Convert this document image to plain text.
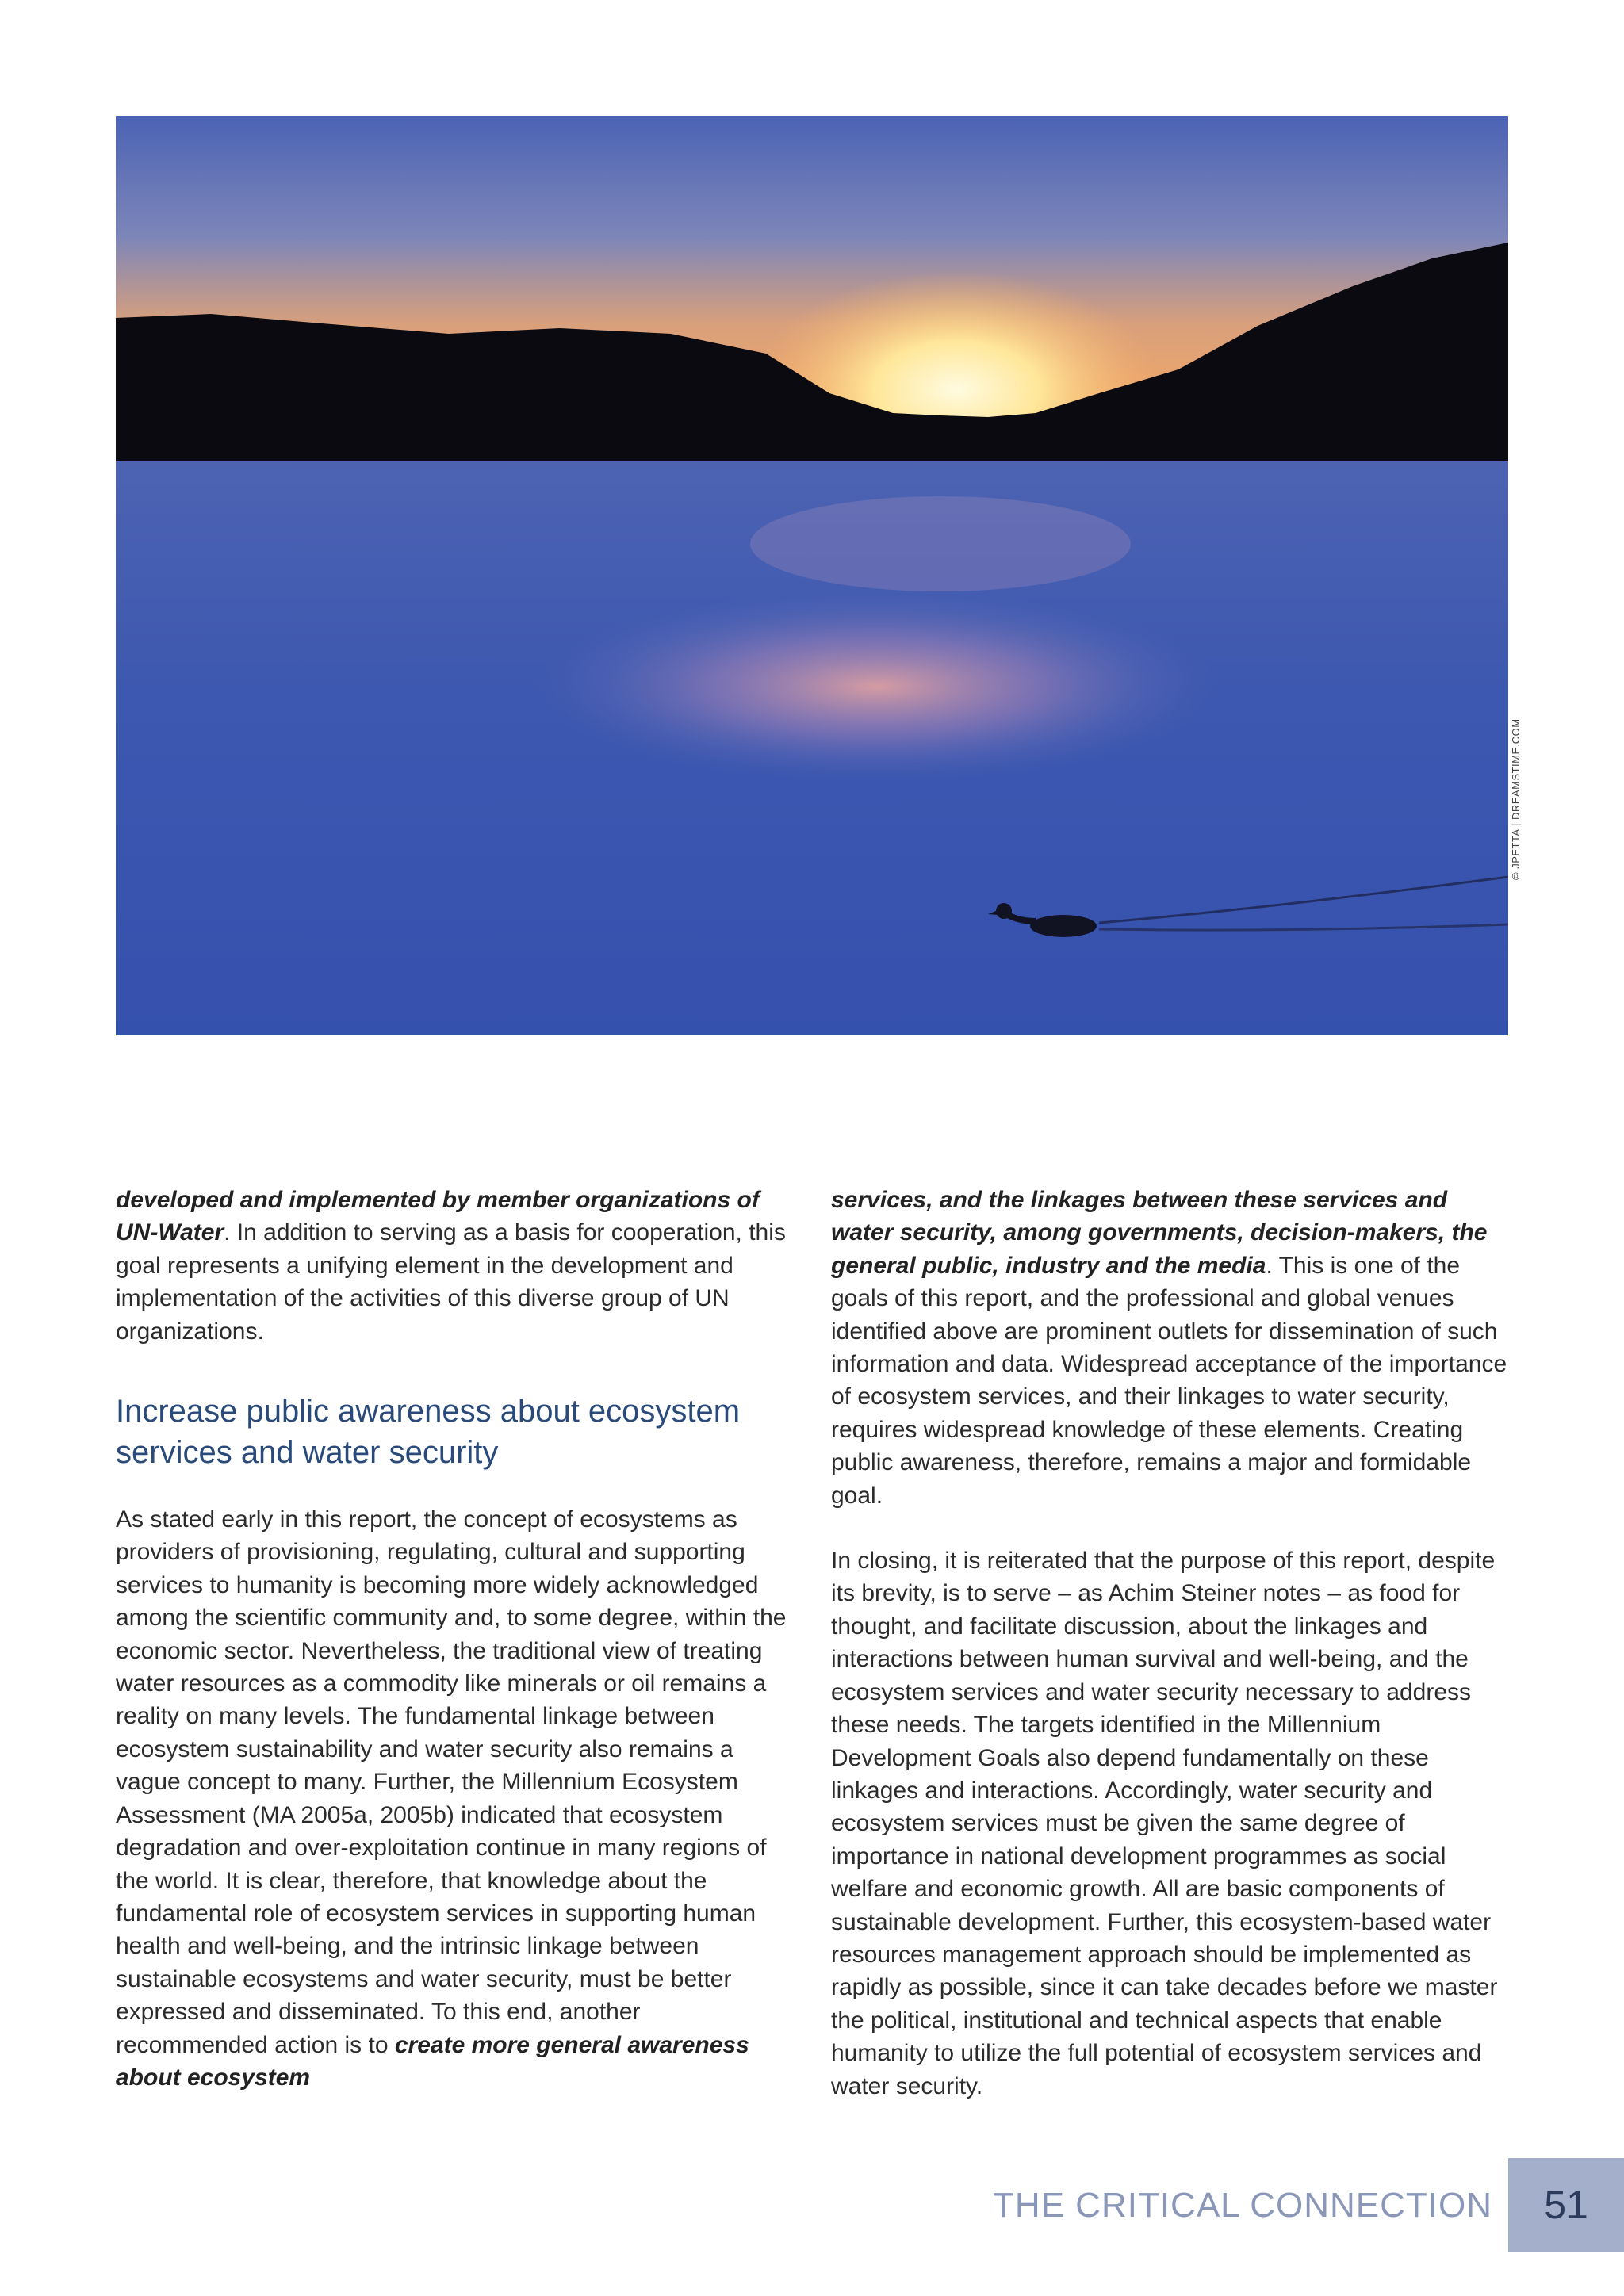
© JPETTA | DREAMSTIME.COM

developed and implemented by member organizations of UN-Water. In addition to serving as a basis for cooperation, this goal represents a unifying element in the development and implementation of the activities of this diverse group of UN organizations.

Increase public awareness about ecosystem services and water security

As stated early in this report, the concept of ecosystems as providers of provisioning, regulating, cultural and supporting services to humanity is becoming more widely acknowledged among the scientific community and, to some degree, within the economic sector. Nevertheless, the traditional view of treating water resources as a commodity like minerals or oil remains a reality on many levels. The fundamental linkage between ecosystem sustainability and water security also remains a vague concept to many. Further, the Millennium Ecosystem Assessment (MA 2005a, 2005b) indicated that ecosystem degradation and over-exploitation continue in many regions of the world. It is clear, therefore, that knowledge about the fundamental role of ecosystem services in supporting human health and well-being, and the intrinsic linkage between sustainable ecosystems and water security, must be better expressed and disseminated. To this end, another recommended action is to create more general awareness about ecosystem

services, and the linkages between these services and water security, among governments, decision-makers, the general public, industry and the media. This is one of the goals of this report, and the professional and global venues identified above are prominent outlets for dissemination of such information and data. Widespread acceptance of the importance of ecosystem services, and their linkages to water security, requires widespread knowledge of these elements. Creating public awareness, therefore, remains a major and formidable goal.

In closing, it is reiterated that the purpose of this report, despite its brevity, is to serve – as Achim Steiner notes – as food for thought, and facilitate discussion, about the linkages and interactions between human survival and well-being, and the ecosystem services and water security necessary to address these needs. The targets identified in the Millennium Development Goals also depend fundamentally on these linkages and interactions. Accordingly, water security and ecosystem services must be given the same degree of importance in national development programmes as social welfare and economic growth. All are basic components of sustainable development. Further, this ecosystem-based water resources management approach should be implemented as rapidly as possible, since it can take decades before we master the political, institutional and technical aspects that enable humanity to utilize the full potential of ecosystem services and water security.

THE CRITICAL CONNECTION	51
